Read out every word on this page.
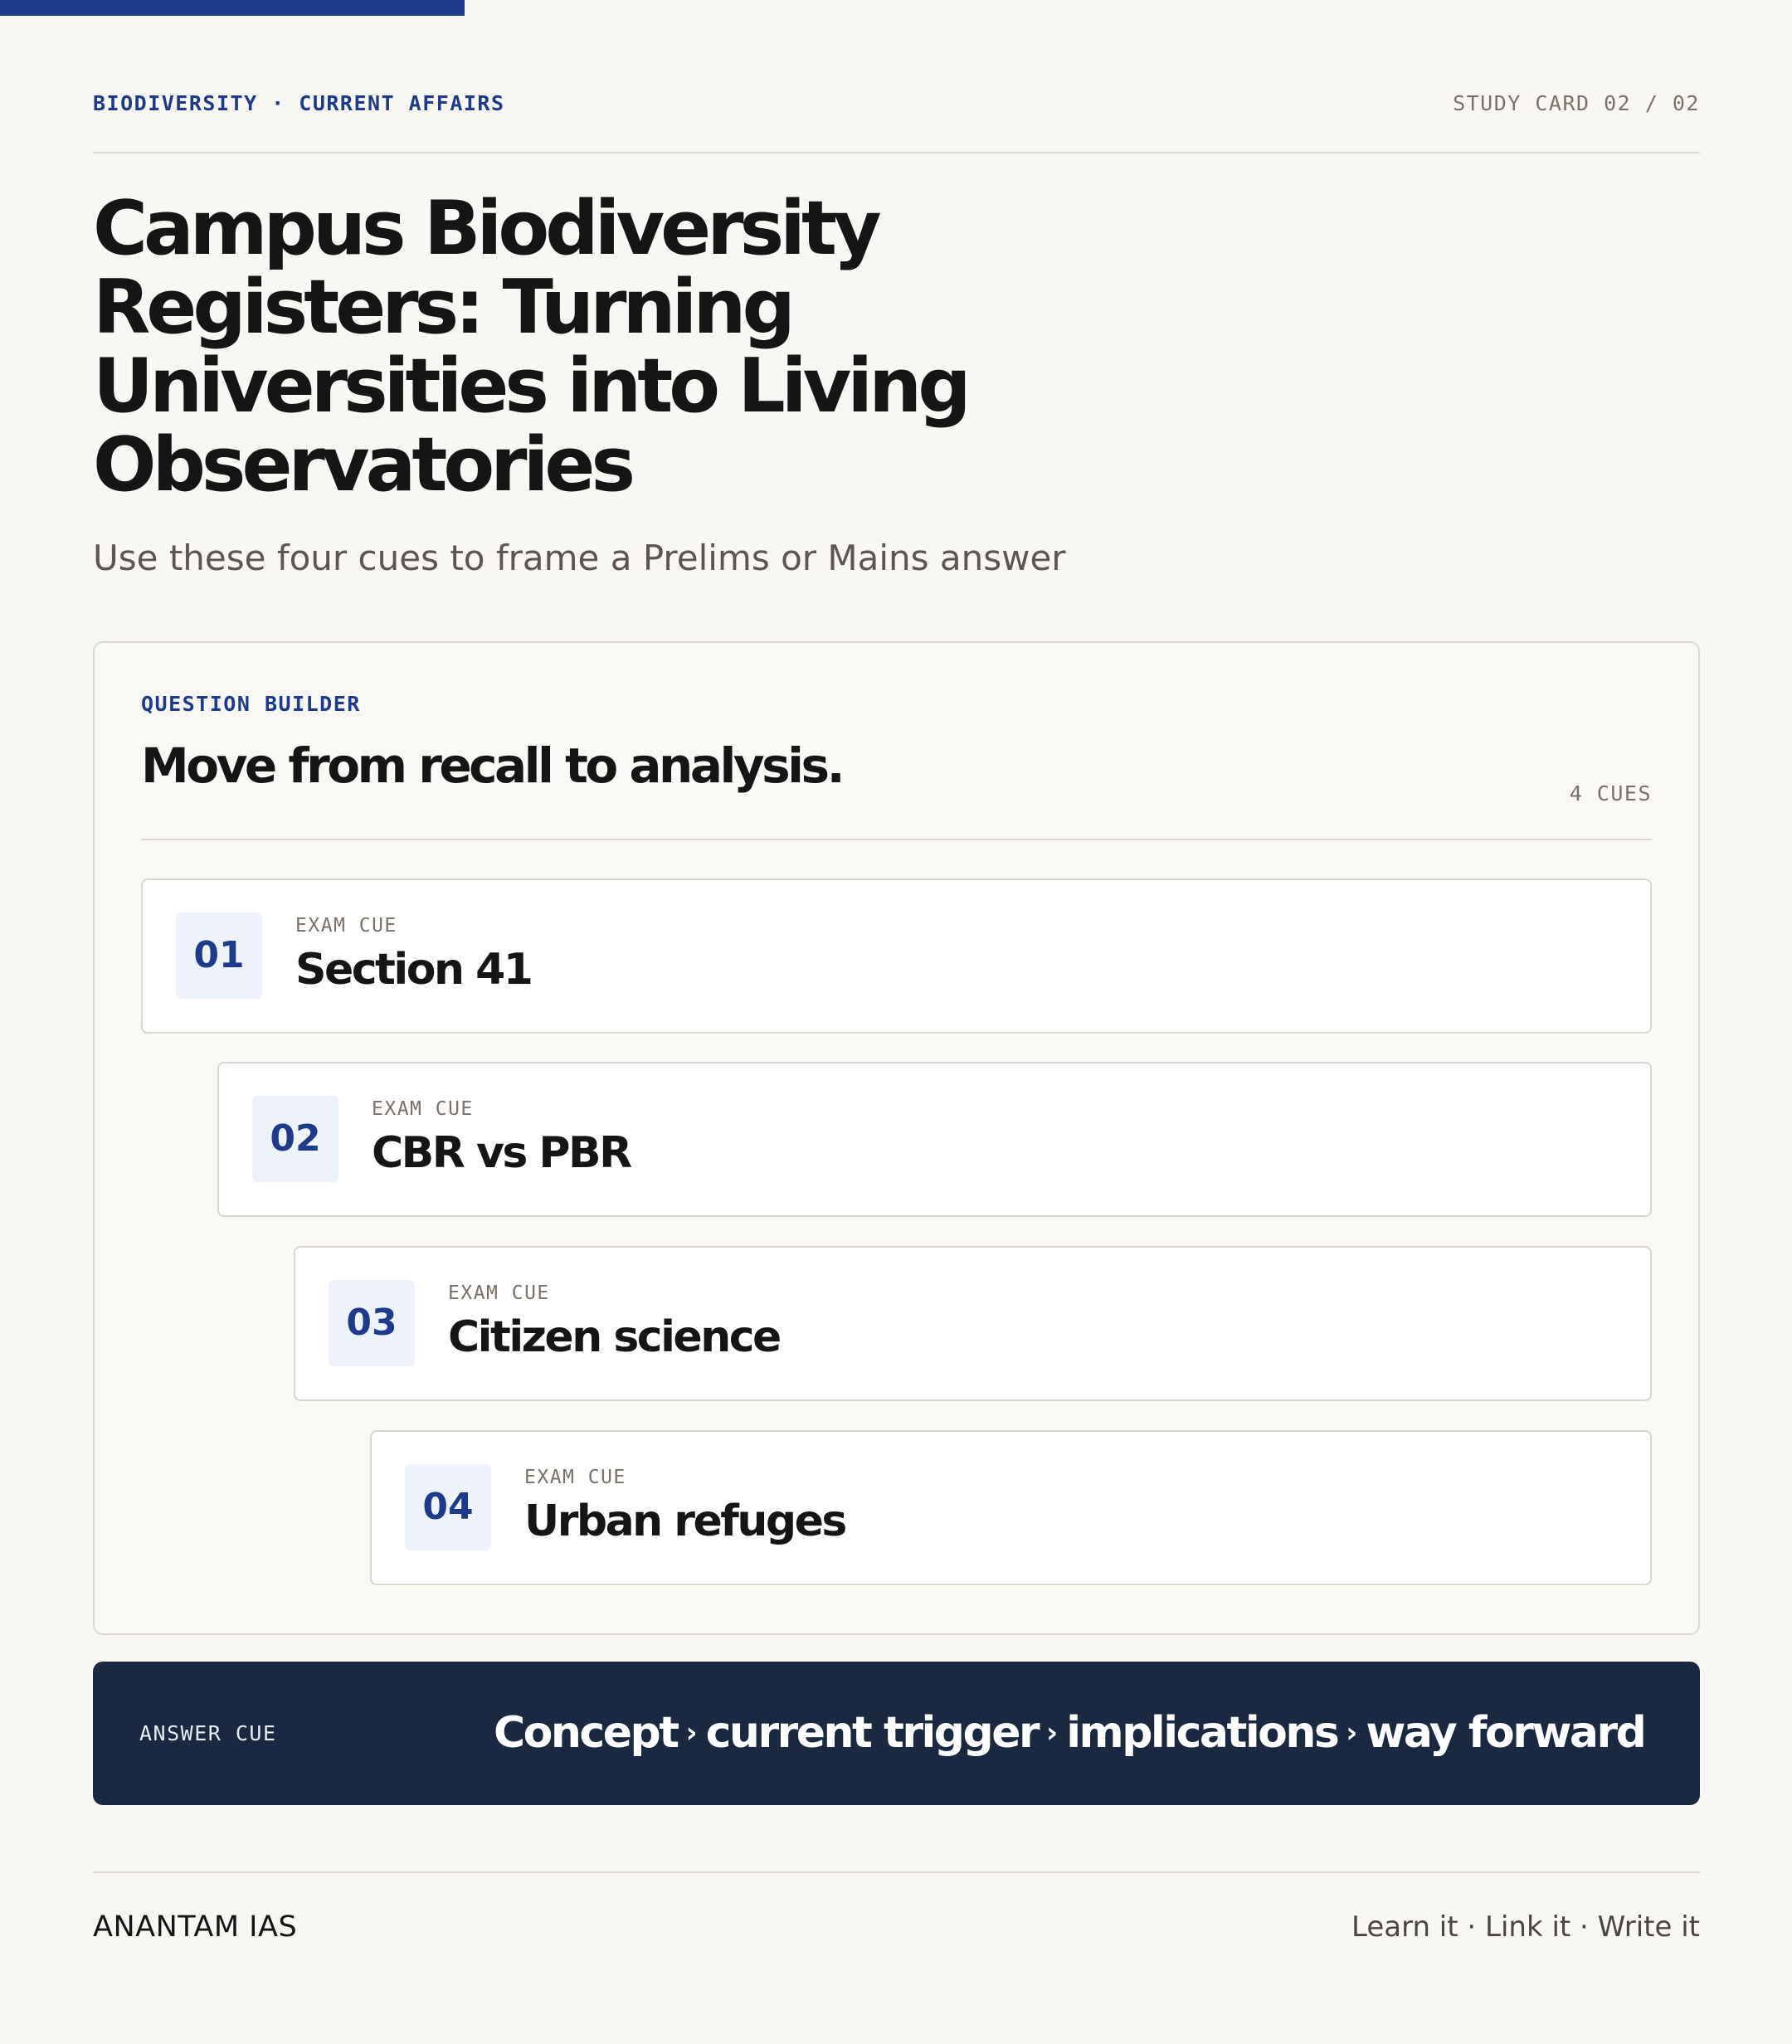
BIODIVERSITY · CURRENT AFFAIRS	STUDY CARD 02 / 02
Campus Biodiversity Registers: Turning Universities into Living Observatories
Use these four cues to frame a Prelims or Mains answer
QUESTION BUILDER
Move from recall to analysis.	4 CUES
01
EXAM CUE
Section 41
02
EXAM CUE
CBR vs PBR
03
EXAM CUE
Citizen science
04
EXAM CUE
Urban refuges
ANSWER CUE	Concept › current trigger › implications › way forward
ANANTAM IAS	Learn it · Link it · Write it
